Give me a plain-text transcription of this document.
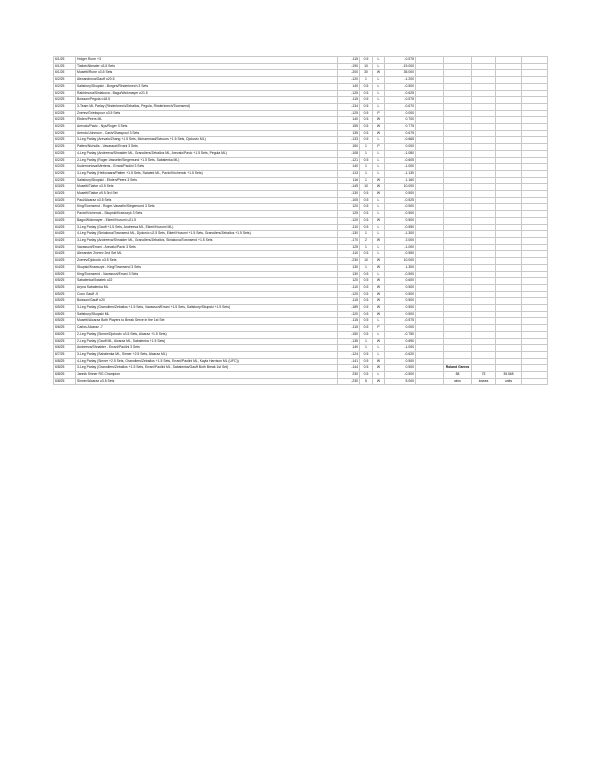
6/1/25	Holger Rune +3	-115	0.5	L	-0.575					
6/1/25	Tiafoe/Altmaier o3.5 Sets	-190	10	L	-19.000					
6/1/25	Musetti/Rune o3.5 Sets	-200	30	W	35.000					
6/2/25	Alexandrova/Gauff o20.5	-120	1	L	-1.200					
6/2/25	Salisbury/Skupski - Borges/Rinderknech 3 Sets	140	0.5	L	-0.500					
6/2/25	Rakhimova/Siniakova - Bagu/Wickmayer o21.5	-125	0.5	L	-0.625					
6/2/25	Boisson/Pegula o18.5	-115	0.5	L	-0.575					
6/2/25	3-Team ML Parlay (Rinderknech/Zeballos, Pegula, Rinderknech/Townsend)	-134	0.5	L	-0.670					
6/2/25	Zverev/Griekspoor o3.5 Sets	-125	0.5	P	0.000					
6/2/25	Ebden/Peers ML	140	0.5	W	0.700					
6/2/25	Arevalo/Pavic - Nys/Roger 3 Sets	155	0.5	W	0.775					
6/2/25	Arendo/Johnson - Cash/Glasspool 3 Sets	135	0.5	W	0.675					
6/2/25	3-Leg Parlay (Arevalo/Zhang +1.5 Sets, Muhammad/Schuurs +1.5 Sets, Djokovic ML)	-133	0.5	L	-0.665					
6/2/25	Patten/Nicholls - Vavassori/Errani 3 Sets	150	1	P	0.000					
6/2/25	4-Leg Parlay (Andreeva/Shnaider ML, Granollers/Zeballos ML, Arevalo/Pavic +1.5 Sets, Pegula ML)	-108	1	L	-1.080					
6/2/25	2-Leg Parlay (Roger-Vasselin/Siegemund +1.5 Sets, Sabalenka ML)	-121	0.5	L	-0.605					
6/2/25	Kudermetova/Mertens - Errani/Paolini 3 Sets	140	1	L	-1.000					
6/2/25	3-Leg Parlay (Heliovaara/Patten +1.5 Sets, Swiatek ML, Pavic/Krichenok +1.5 Sets)	-113	1	L	-1.130					
6/2/25	Salisbury/Skupski - Ebden/Peers 3 Sets	116	1	W	1.160					
6/3/25	Musetti/Tiafoe o3.5 Sets	-145	10	W	10.000					
6/3/25	Musetti/Tiafoe u9.5 3rd Set	-130	0.5	W	0.500					
6/3/25	Paul/Alcaraz o3.5 Sets	-105	0.5	L	-0.525					
6/3/25	King/Townsend - Roger-Vasselin/Siegemund 3 Sets	120	0.5	L	-0.500					
6/3/25	Pavic/Krichenok - Skupski/Krawczyk 3 Sets	125	0.5	L	-0.500					
6/4/25	Bagu/Wickmayer - Eikeri/Hozumi u21.5	-120	0.5	W	0.500					
6/4/25	3-Leg Parlay (Gauff +1.5 Sets, Andreeva ML, Eikeri/Hozumi ML)	-110	0.5	L	-0.550					
6/4/25	4-Leg Parlay (Siniakova/Townsend ML, Djokovic u2.5 Sets, Eikeri/Hozumi +1.5 Sets, Granollers/Zeballos +1.5 Sets)	-130	1	L	-1.300					
6/4/25	3-Leg Parlay (Andreeva/Shnaider ML, Granollers/Zeballos, Siniakova/Townsend +1.5 Sets	-170	2	W	2.000					
6/4/25	Vavassori/Errani - Arevalo/Pavic 3 Sets	125	1	L	-1.000					
6/4/25	Alexander Zverev 2nd Set ML	-110	0.5	L	-0.550					
6/4/25	Zverev/Djokovic o3.5 Sets	-230	10	W	10.000					
6/4/25	Skupski/Krawczyk - King/Townsend 3 Sets	130	1	W	1.300					
6/5/25	King/Townsend - Vavassori/Errani 3 Sets	130	0.5	L	-0.500					
6/5/25	Sabalenka/Swiatek o22	120	0.5	W	0.600					
6/5/25	Aryna Sabalenka ML	-110	0.5	W	0.500					
6/5/25	Coco Gauff -5	-120	0.5	W	0.500					
6/5/25	Boisson/Gauff u20	-115	0.5	W	0.500					
6/5/25	3-Leg Parlay (Granollers/Zeballos +1.5 Sets, Vavassori/Errani +1.5 Sets, Salisbury/Skupski +1.5 Sets)	-189	0.5	W	0.500					
6/5/25	Salisbury/Skupski ML	-120	0.5	W	0.500					
6/5/25	Musetti/Alcaraz Both Players to Break Serve in the 1st Set	-115	0.5	L	-0.575					
6/6/25	Carlos Alcaraz -7	-115	0.5	P	0.000					
6/6/25	2-Leg Parlay (Sinner/Djokovic o3.5 Sets, Alcaraz +1.5 Sets)	-150	0.5	L	-0.750					
6/6/25	2-Leg Parlay (Gauff ML, Alcaraz ML, Sabalenka +1.5 Sets)	-135	1	W	0.690					
6/6/25	Andreeva/Shnaider - Errani/Paolini 3 Sets	140	1	L	-1.000					
6/7/25	3-Leg Parlay (Sabalenka ML, Sinner +2.5 Sets, Alcaraz ML)	-124	0.5	L	-0.620					
6/8/25	4-Leg Parlay (Sinner +2.5 Sets, Granollers/Zeballos +1.5 Sets, Errani/Paolini ML, Kayla Harrison ML (UFC))	-141	0.5	W	0.500					
6/8/25	3-Leg Parlay (Granollers/Zeballos +1.5 Sets, Errani/Paolini ML, Sabalenka/Gauff Both Break 1st Set)	-144	0.5	W	0.500		Roland Garros			
6/8/25	Jannik Sinner RG Champion	230	0.5	L	-0.500		88	75	35.565	
6/8/25	Sinner/Alcaraz o3.5 Sets	-230	5	W	5.000		wins	losses	units	
